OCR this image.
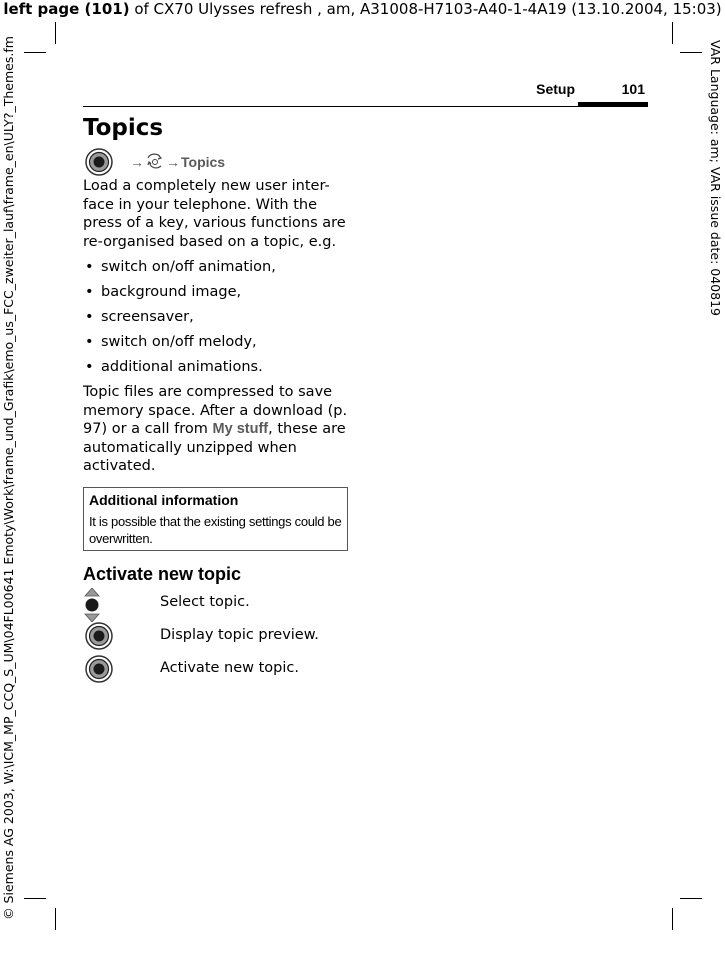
left page (101) of CX70 Ulysses refresh , am, A31008-H7103-A40-1-4A19 (13.10.2004, 15:03)
© Siemens AG 2003, W:\ICM_MP_CCQ_S_UM\04FL00641 Emoty\Work\frame_und_Grafik\emo_us_FCC_zweiter_lauf\frame_en\ULY?_Themes.fm	VAR Language: am; VAR issue date: 040819
Setup	101
Topics
→ → Topics
Load a completely new user inter-face in your telephone. With the press of a key, various functions are re-organised based on a topic, e.g.
• switch on/off animation,
• background image,
• screensaver,
• switch on/off melody,
• additional animations.
Topic files are compressed to save memory space. After a download (p. 97) or a call from My stuff, these are automatically unzipped when activated.
Additional information
It is possible that the existing settings could be overwritten.
Activate new topic
Select topic.
Display topic preview.
Activate new topic.
